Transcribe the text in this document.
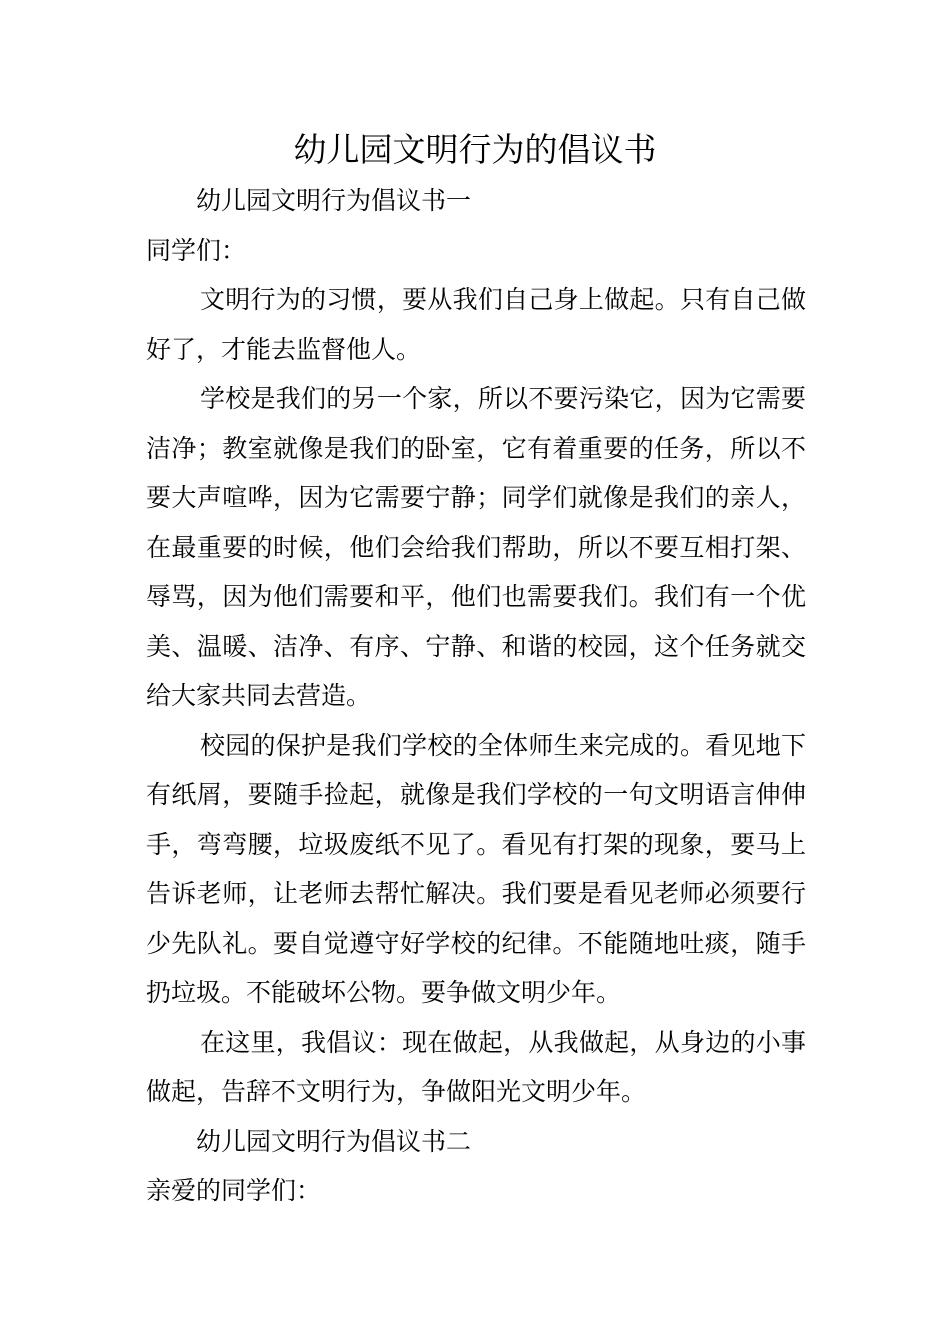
幼儿园文明行为的倡议书

幼儿园文明行为倡议书一

同学们：

文明行为的习惯，要从我们自己身上做起。只有自己做好了，才能去监督他人。

学校是我们的另一个家，所以不要污染它，因为它需要洁净；教室就像是我们的卧室，它有着重要的任务，所以不要大声喧哗，因为它需要宁静；同学们就像是我们的亲人，在最重要的时候，他们会给我们帮助，所以不要互相打架、辱骂，因为他们需要和平，他们也需要我们。我们有一个优美、温暖、洁净、有序、宁静、和谐的校园，这个任务就交给大家共同去营造。

校园的保护是我们学校的全体师生来完成的。看见地下有纸屑，要随手捡起，就像是我们学校的一句文明语言伸伸手，弯弯腰，垃圾废纸不见了。看见有打架的现象，要马上告诉老师，让老师去帮忙解决。我们要是看见老师必须要行少先队礼。要自觉遵守好学校的纪律。不能随地吐痰，随手扔垃圾。不能破坏公物。要争做文明少年。

在这里，我倡议：现在做起，从我做起，从身边的小事做起，告辞不文明行为，争做阳光文明少年。

幼儿园文明行为倡议书二

亲爱的同学们：
